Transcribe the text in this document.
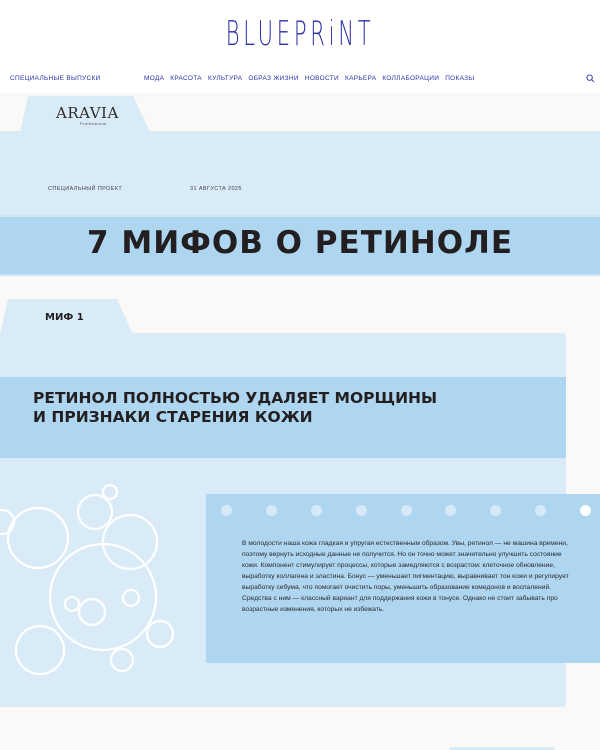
BLUEPRiNT
СПЕЦИАЛЬНЫЕ ВЫПУСКИ	МОДА КРАСОТА КУЛЬТУРА ОБРАЗ ЖИЗНИ НОВОСТИ КАРЬЕРА КОЛЛАБОРАЦИИ ПОКАЗЫ
ARAVIA
Professional
СПЕЦИАЛЬНЫЙ ПРОЕКТ	31 АВГУСТА 2025
7 МИФОВ О РЕТИНОЛЕ
МИФ 1
РЕТИНОЛ ПОЛНОСТЬЮ УДАЛЯЕТ МОРЩИНЫ И ПРИЗНАКИ СТАРЕНИЯ КОЖИ

В молодости наша кожа гладкая и упругая естественным образом. Увы, ретинол — не машина времени, поэтому вернуть исходные данные не получится. Но он точно может значительно улучшить состояние кожи. Компонент стимулирует процессы, которые замедляются с возрастом: клеточное обновление, выработку коллагена и эластина. Бонус — уменьшает пигментацию, выравнивает тон кожи и регулирует выработку себума, что помогает очистить поры, уменьшить образование комедонов и воспалений. Средства с ним — классный вариант для поддержания кожи в тонусе. Однако не стоит забывать про возрастные изменения, которых не избежать.
